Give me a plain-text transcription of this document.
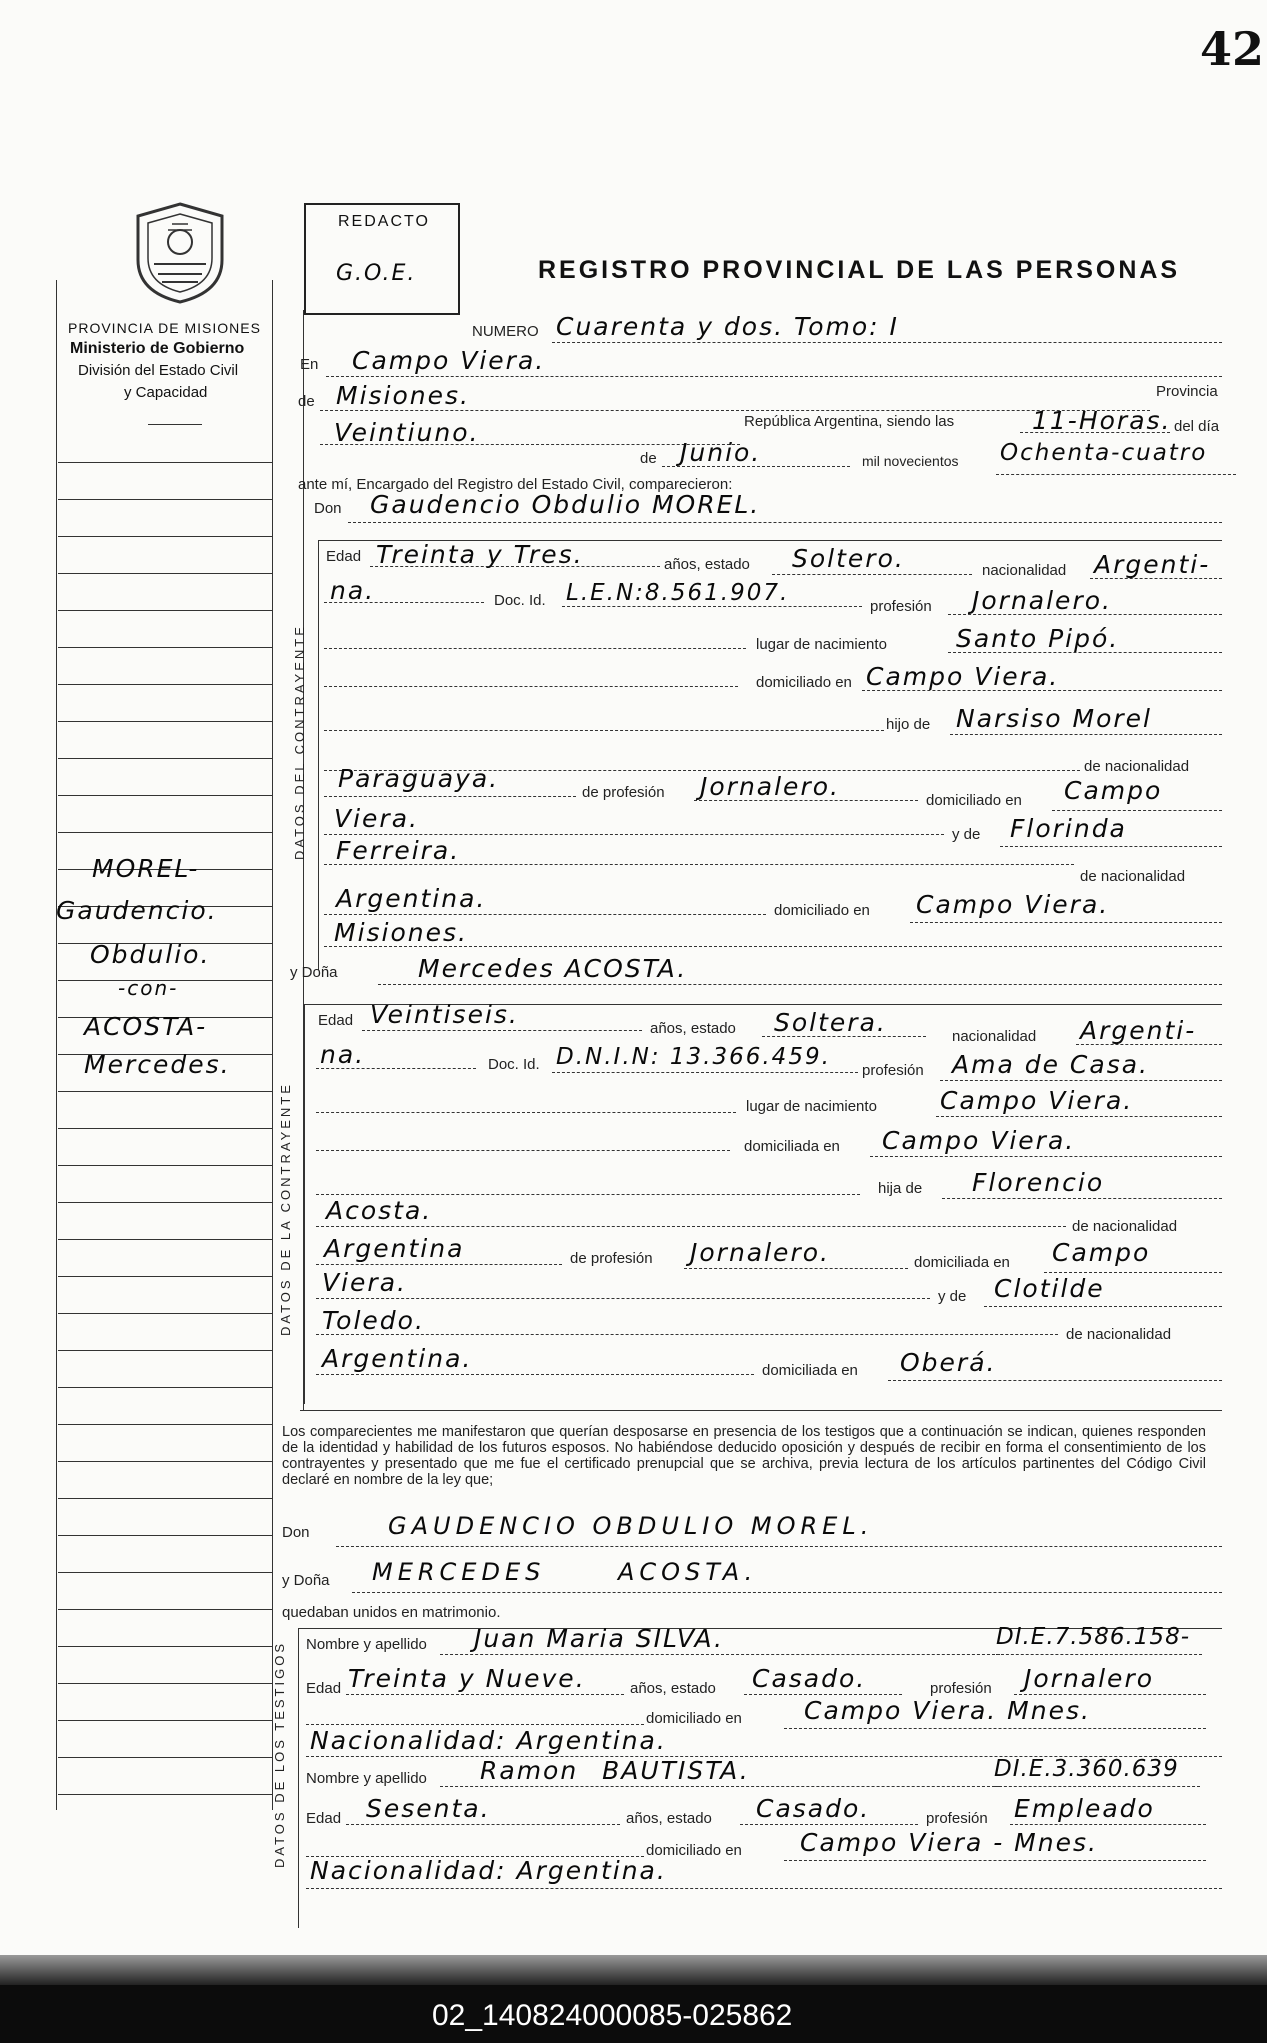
42
PROVINCIA DE MISIONES
Ministerio de Gobierno
División del Estado Civil
y Capacidad
REDACTO
G.O.E.	REGISTRO PROVINCIAL DE LAS PERSONAS
MOREL-
Gaudencio.
Obdulio.
-con-
ACOSTA-
Mercedes.
NUMERO Cuarenta y dos. Tomo: I
En Campo Viera.
de Misiones.	Provincia
Veintiuno.	República Argentina, siendo las	11-Horas. del día
de Junio.	mil novecientos Ochenta-cuatro
ante mí, Encargado del Registro del Estado Civil, comparecieron:
Don Gaudencio Obdulio MOREL.
DATOS DEL CONTRAYENTE
Edad Treinta y Tres.	años, estado Soltero.	nacionalidad Argenti-
na.	Doc. Id. L.E.N:8.561.907.
profesión Jornalero.
lugar de nacimiento	Santo Pipó.
domiciliado en Campo Viera.
hijo de Narsiso Morel
de nacionalidad
Paraguaya.	de profesión Jornalero.	domiciliado en Campo
Viera.
y de Florinda
Ferreira.
de nacionalidad
Argentina.	domiciliado en Campo Viera.
Misiones.
y Doña	Mercedes ACOSTA.
DATOS DE LA CONTRAYENTE
Edad Veintiseis.	años, estado Soltera.	nacionalidad Argenti-
na.	Doc. Id. D.N.I.N: 13.366.459.
profesión Ama de Casa.
lugar de nacimiento	Campo Viera.
domiciliada en Campo Viera.
hija de Florencio
Acosta.
de nacionalidad
Argentina	de profesión Jornalero.	domiciliada en Campo
Viera.	y de Clotilde
Toledo.	de nacionalidad
Argentina.	domiciliada en Oberá.
Los comparecientes me manifestaron que querían desposarse en presencia de los testigos que a continuación se indican, quienes responden de la identidad y habilidad de los futuros esposos. No habiéndose deducido oposición y después de recibir en forma el consentimiento de los contrayentes y presentado que me fue el certificado prenupcial que se archiva, previa lectura de los artículos partinentes del Código Civil declaré en nombre de la ley que;
Don	GAUDENCIO OBDULIO MOREL.
y Doña MERCEDES ACOSTA.
quedaban unidos en matrimonio.
DATOS DE LOS TESTIGOS Nombre y apellido Juan Maria SILVA.	DI.E.7.586.158-
Edad Treinta y Nueve.	años, estado Casado.	profesión Jornalero
domiciliado en Campo Viera. Mnes.
Nacionalidad: Argentina.
Nombre y apellido Ramon BAUTISTA.	DI.E.3.360.639
Edad Sesenta.	años, estado Casado.	profesión Empleado
domiciliado en Campo Viera - Mnes.
Nacionalidad: Argentina.
02_140824000085-025862
